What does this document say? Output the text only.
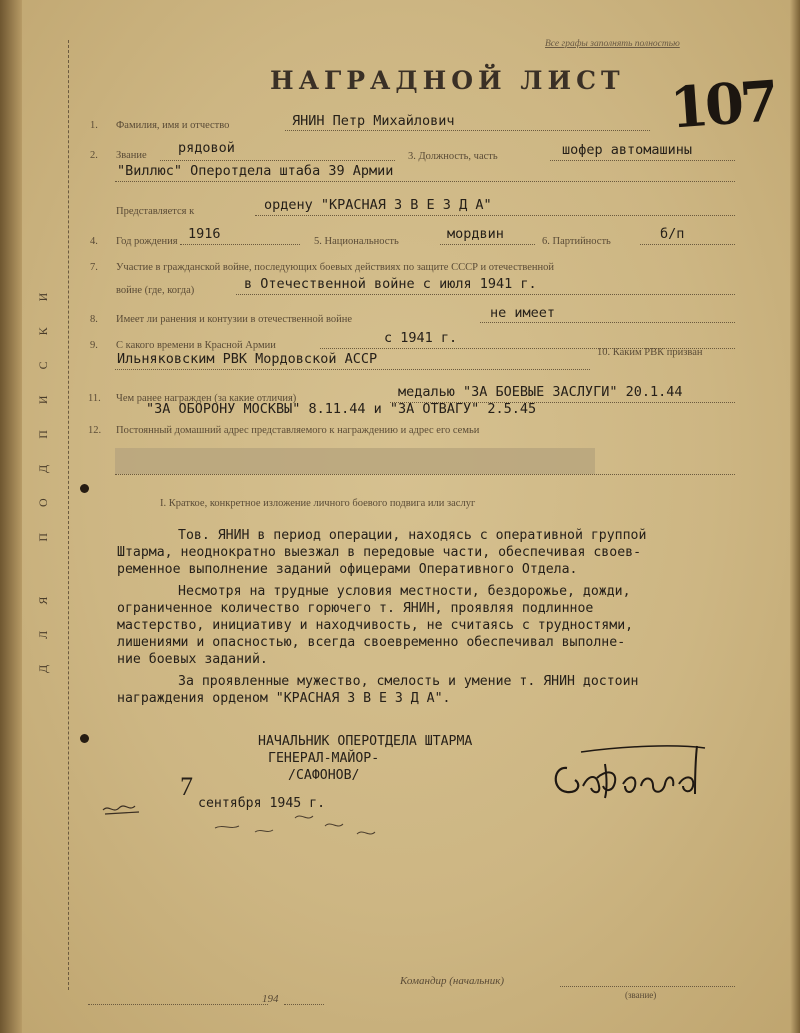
ДЛЯ ПОДПИСКИ
Все графы заполнять полностью
НАГРАДНОЙ ЛИСТ 107
1. Фамилия, имя и отчество	ЯНИН Петр Михайлович
2. Звание рядовой
3. Должность, часть	шофер автомашины
"Виллюс" Оперотдела штаба 39 Армии
Представляется к	ордену "КРАСНАЯ З В Е З Д А"
4. Год рождения 1916	5. Национальность	мордвин	6. Партийность	б/п
7. Участие в гражданской войне, последующих боевых действиях по защите СССР и отечественной
войне (где, когда)	в Отечественной войне с июля 1941 г.
8. Имеет ли ранения и контузии в отечественной войне	не имеет
9. С какого времени в Красной Армии	с 1941 г.
10. Каким РВК призван
Ильняковским РВК Мордовской АССР
11. Чем ранее награжден (за какие отличия)	медалью "ЗА БОЕВЫЕ ЗАСЛУГИ" 20.1.44
"ЗА ОБОРОНУ МОСКВЫ" 8.11.44 и "ЗА ОТВАГУ" 2.5.45
12. Постоянный домашний адрес представляемого к награждению и адрес его семьи
I. Краткое, конкретное изложение личного боевого подвига или заслуг
Тов. ЯНИН в период операции, находясь с оперативной группой
Штарма, неоднократно выезжал в передовые части, обеспечивая своев-
ременное выполнение заданий офицерами Оперативного Отдела.
Несмотря на трудные условия местности, бездорожье, дожди,
ограниченное количество горючего т. ЯНИН, проявляя подлинное
мастерство, инициативу и находчивость, не считаясь с трудностями,
лишениями и опасностью, всегда своевременно обеспечивал выполне-
ние боевых заданий.
За проявленные мужество, смелость и умение т. ЯНИН достоин
награждения орденом "КРАСНАЯ З В Е З Д А".
НАЧАЛЬНИК ОПЕРОТДЕЛА ШТАРМА
ГЕНЕРАЛ-МАЙОР-
/САФОНОВ/
7
сентября 1945 г.
Командир (начальник)
(звание)
194
